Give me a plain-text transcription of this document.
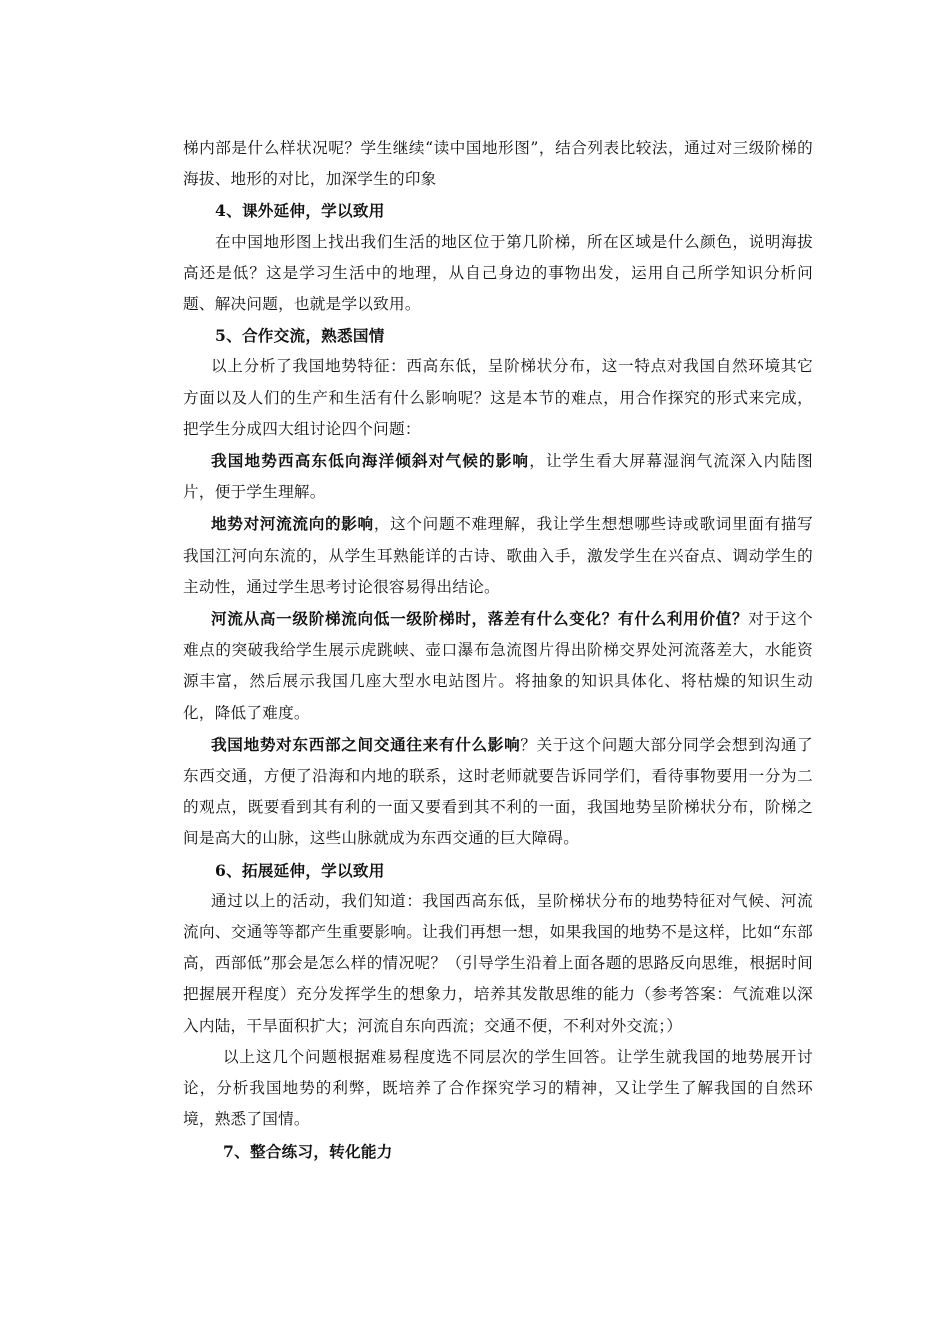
梯内部是什么样状况呢？学生继续“读中国地形图”，结合列表比较法，通过对三级阶梯的海拔、地形的对比，加深学生的印象

4、课外延伸，学以致用

在中国地形图上找出我们生活的地区位于第几阶梯，所在区域是什么颜色，说明海拔高还是低？这是学习生活中的地理，从自己身边的事物出发，运用自己所学知识分析问题、解决问题，也就是学以致用。

5、合作交流，熟悉国情

以上分析了我国地势特征：西高东低，呈阶梯状分布，这一特点对我国自然环境其它方面以及人们的生产和生活有什么影响呢？这是本节的难点，用合作探究的形式来完成，把学生分成四大组讨论四个问题：

我国地势西高东低向海洋倾斜对气候的影响，让学生看大屏幕湿润气流深入内陆图片，便于学生理解。

地势对河流流向的影响，这个问题不难理解，我让学生想想哪些诗或歌词里面有描写我国江河向东流的，从学生耳熟能详的古诗、歌曲入手，激发学生在兴奋点、调动学生的主动性，通过学生思考讨论很容易得出结论。

河流从高一级阶梯流向低一级阶梯时，落差有什么变化？有什么利用价值？对于这个难点的突破我给学生展示虎跳峡、壶口瀑布急流图片得出阶梯交界处河流落差大，水能资源丰富，然后展示我国几座大型水电站图片。将抽象的知识具体化、将枯燥的知识生动化，降低了难度。

我国地势对东西部之间交通往来有什么影响？关于这个问题大部分同学会想到沟通了东西交通，方便了沿海和内地的联系，这时老师就要告诉同学们，看待事物要用一分为二的观点，既要看到其有利的一面又要看到其不利的一面，我国地势呈阶梯状分布，阶梯之间是高大的山脉，这些山脉就成为东西交通的巨大障碍。

6、拓展延伸，学以致用

通过以上的活动，我们知道：我国西高东低，呈阶梯状分布的地势特征对气候、河流流向、交通等等都产生重要影响。让我们再想一想，如果我国的地势不是这样，比如“东部高，西部低”那会是怎么样的情况呢？（引导学生沿着上面各题的思路反向思维，根据时间把握展开程度）充分发挥学生的想象力，培养其发散思维的能力（参考答案：气流难以深入内陆，干旱面积扩大；河流自东向西流；交通不便，不利对外交流；）

以上这几个问题根据难易程度选不同层次的学生回答。让学生就我国的地势展开讨论，分析我国地势的利弊，既培养了合作探究学习的精神，又让学生了解我国的自然环境，熟悉了国情。

7、整合练习，转化能力
